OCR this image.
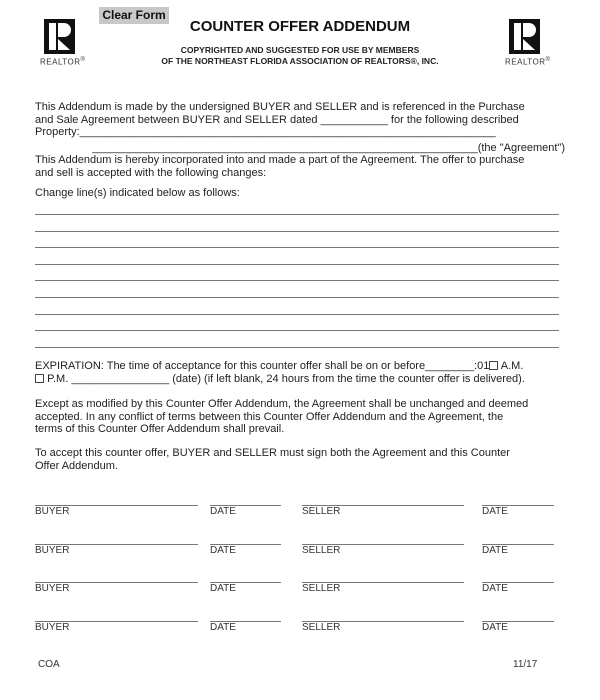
Clear Form
REALTOR®	REALTOR®
COUNTER OFFER ADDENDUM
COPYRIGHTED AND SUGGESTED FOR USE BY MEMBERS
OF THE NORTHEAST FLORIDA ASSOCIATION OF REALTORS®, INC.
This Addendum is made by the undersigned BUYER and SELLER and is referenced in the Purchase
and Sale Agreement between BUYER and SELLER dated ___________ for the following described
Property:____________________________________________________________________
_______________________________________________________________(the "Agreement")
This Addendum is hereby incorporated into and made a part of the Agreement. The offer to purchase
and sell is accepted with the following changes:
Change line(s) indicated below as follows:
EXPIRATION: The time of acceptance for this counter offer shall be on or before________:01 A.M.
P.M. ________________ (date) (if left blank, 24 hours from the time the counter offer is delivered).
Except as modified by this Counter Offer Addendum, the Agreement shall be unchanged and deemed
accepted. In any conflict of terms between this Counter Offer Addendum and the Agreement, the
terms of this Counter Offer Addendum shall prevail.
To accept this counter offer, BUYER and SELLER must sign both the Agreement and this Counter
Offer Addendum.
BUYER	DATE	SELLER	DATE
BUYER	DATE	SELLER	DATE
BUYER	DATE	SELLER	DATE
BUYER	DATE	SELLER	DATE
COA	11/17
